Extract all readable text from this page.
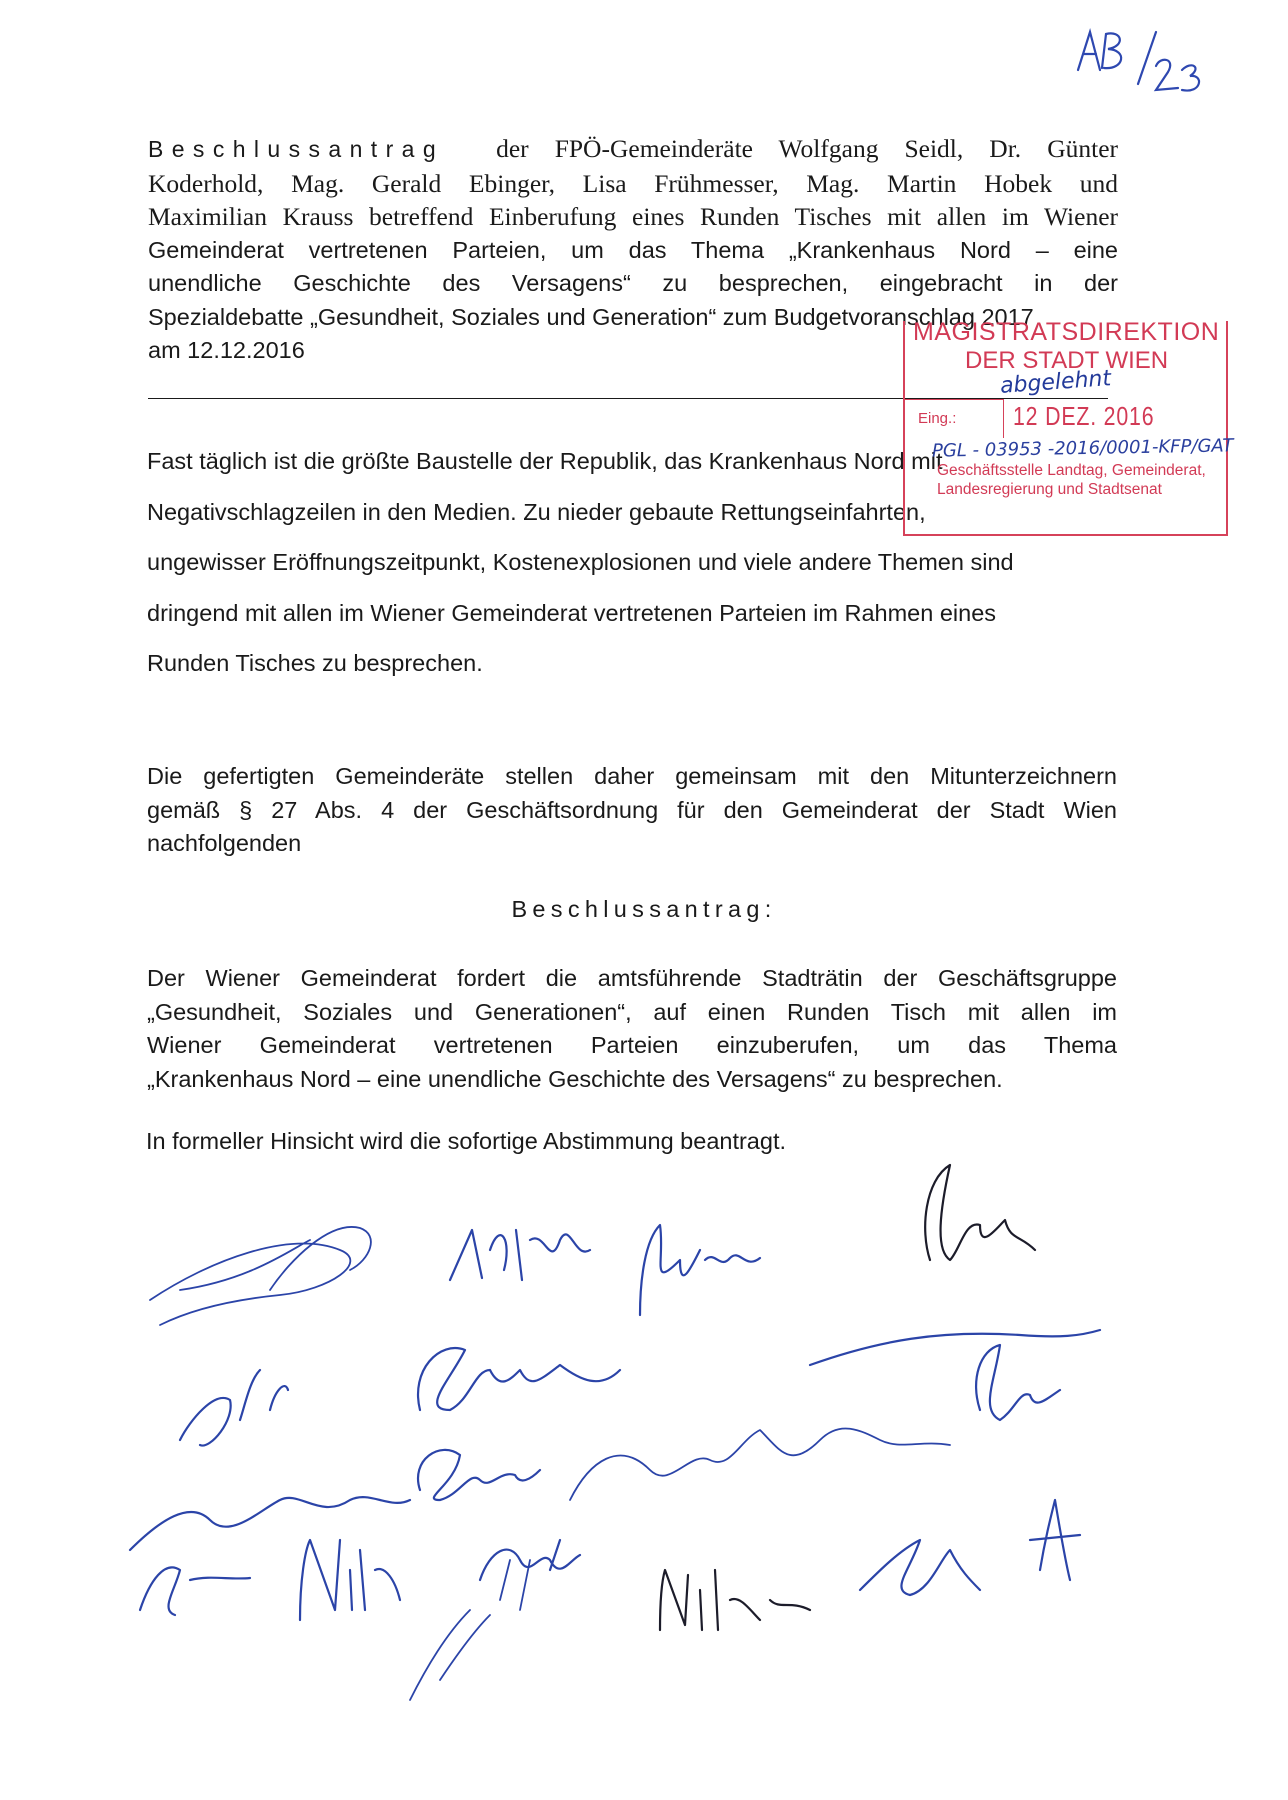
Beschlussantrag der FPÖ-Gemeinderäte Wolfgang Seidl, Dr. Günter
Koderhold, Mag. Gerald Ebinger, Lisa Frühmesser, Mag. Martin Hobek und
Maximilian Krauss betreffend Einberufung eines Runden Tisches mit allen im Wiener
Gemeinderat vertretenen Parteien, um das Thema „Krankenhaus Nord – eine
unendliche Geschichte des Versagens“ zu besprechen, eingebracht in der
Spezialdebatte „Gesundheit, Soziales und Generation“ zum Budgetvoranschlag 2017
am 12.12.2016
Fast täglich ist die größte Baustelle der Republik, das Krankenhaus Nord mit
Negativschlagzeilen in den Medien. Zu nieder gebaute Rettungseinfahrten,
ungewisser Eröffnungszeitpunkt, Kostenexplosionen und viele andere Themen sind
dringend mit allen im Wiener Gemeinderat vertretenen Parteien im Rahmen eines
Runden Tisches zu besprechen.
Die gefertigten Gemeinderäte stellen daher gemeinsam mit den Mitunterzeichnern
gemäß § 27 Abs. 4 der Geschäftsordnung für den Gemeinderat der Stadt Wien
nachfolgenden
Beschlussantrag:
Der Wiener Gemeinderat fordert die amtsführende Stadträtin der Geschäftsgruppe
„Gesundheit, Soziales und Generationen“, auf einen Runden Tisch mit allen im
Wiener Gemeinderat vertretenen Parteien einzuberufen, um das Thema
„Krankenhaus Nord – eine unendliche Geschichte des Versagens“ zu besprechen.
In formeller Hinsicht wird die sofortige Abstimmung beantragt.
MAGISTRATSDIREKTION
DER STADT WIEN
abgelehnt
Eing.: 12 DEZ. 2016
PGL - 03953 -2016/0001-KFP/GAT
Geschäftsstelle Landtag, Gemeinderat,
Landesregierung und Stadtsenat
